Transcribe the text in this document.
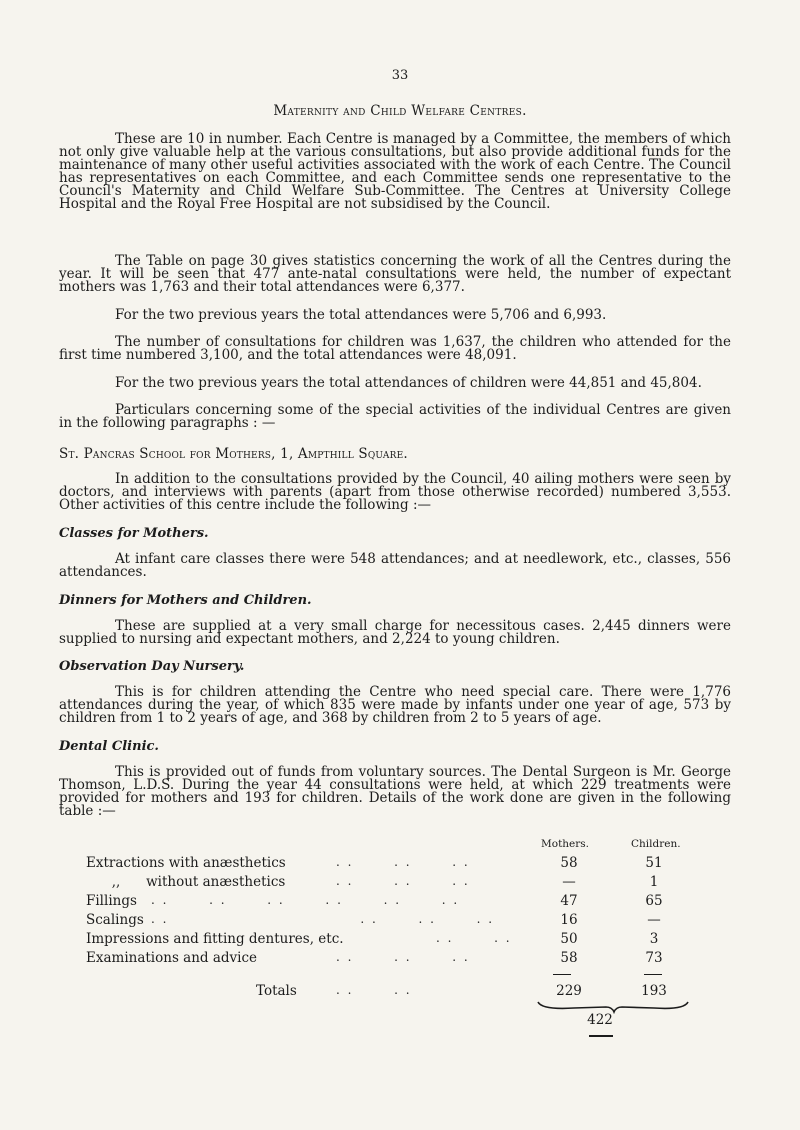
33
Maternity and Child Welfare Centres.

These are 10 in number. Each Centre is managed by a Committee, the members of which not only give valuable help at the various consultations, but also provide additional funds for the maintenance of many other useful activities associated with the work of each Centre. The Council has representatives on each Committee, and each Committee sends one representative to the Council's Maternity and Child Welfare Sub-Committee. The Centres at University College Hospital and the Royal Free Hospital are not subsidised by the Council.

The Table on page 30 gives statistics concerning the work of all the Centres during the year. It will be seen that 477 ante-natal consultations were held, the number of expectant mothers was 1,763 and their total attendances were 6,377.

For the two previous years the total attendances were 5,706 and 6,993.

The number of consultations for children was 1,637, the children who attended for the first time numbered 3,100, and the total attendances were 48,091.

For the two previous years the total attendances of children were 44,851 and 45,804.

Particulars concerning some of the special activities of the individual Centres are given in the following paragraphs : —

St. Pancras School for Mothers, 1, Ampthill Square.

In addition to the consultations provided by the Council, 40 ailing mothers were seen by doctors, and interviews with parents (apart from those otherwise recorded) numbered 3,553. Other activities of this centre include the following :—

Classes for Mothers.

At infant care classes there were 548 attendances; and at needlework, etc., classes, 556 attendances.

Dinners for Mothers and Children.

These are supplied at a very small charge for necessitous cases. 2,445 dinners were supplied to nursing and expectant mothers, and 2,224 to young children.

Observation Day Nursery.

This is for children attending the Centre who need special care. There were 1,776 attendances during the year, of which 835 were made by infants under one year of age, 573 by children from 1 to 2 years of age, and 368 by children from 2 to 5 years of age.

Dental Clinic.

This is provided out of funds from voluntary sources. The Dental Surgeon is Mr. George Thomson, L.D.S. During the year 44 consultations were held, at which 229 treatments were provided for mothers and 193 for children. Details of the work done are given in the following table :—

Mothers.	Children.
Extractions with anæsthetics	. .       . .       . .	58	51
,,      without anæsthetics	. .       . .       . .	—	1
Fillings . .       . .       . .       . .       . .       . .	47	65
Scalings . .                                 . .       . .       . .	16	—
Impressions and fitting dentures, etc.	. .       . .	50	3
Examinations and advice	. .       . .       . .	58	73
Totals	. .       . .	229	193
422
